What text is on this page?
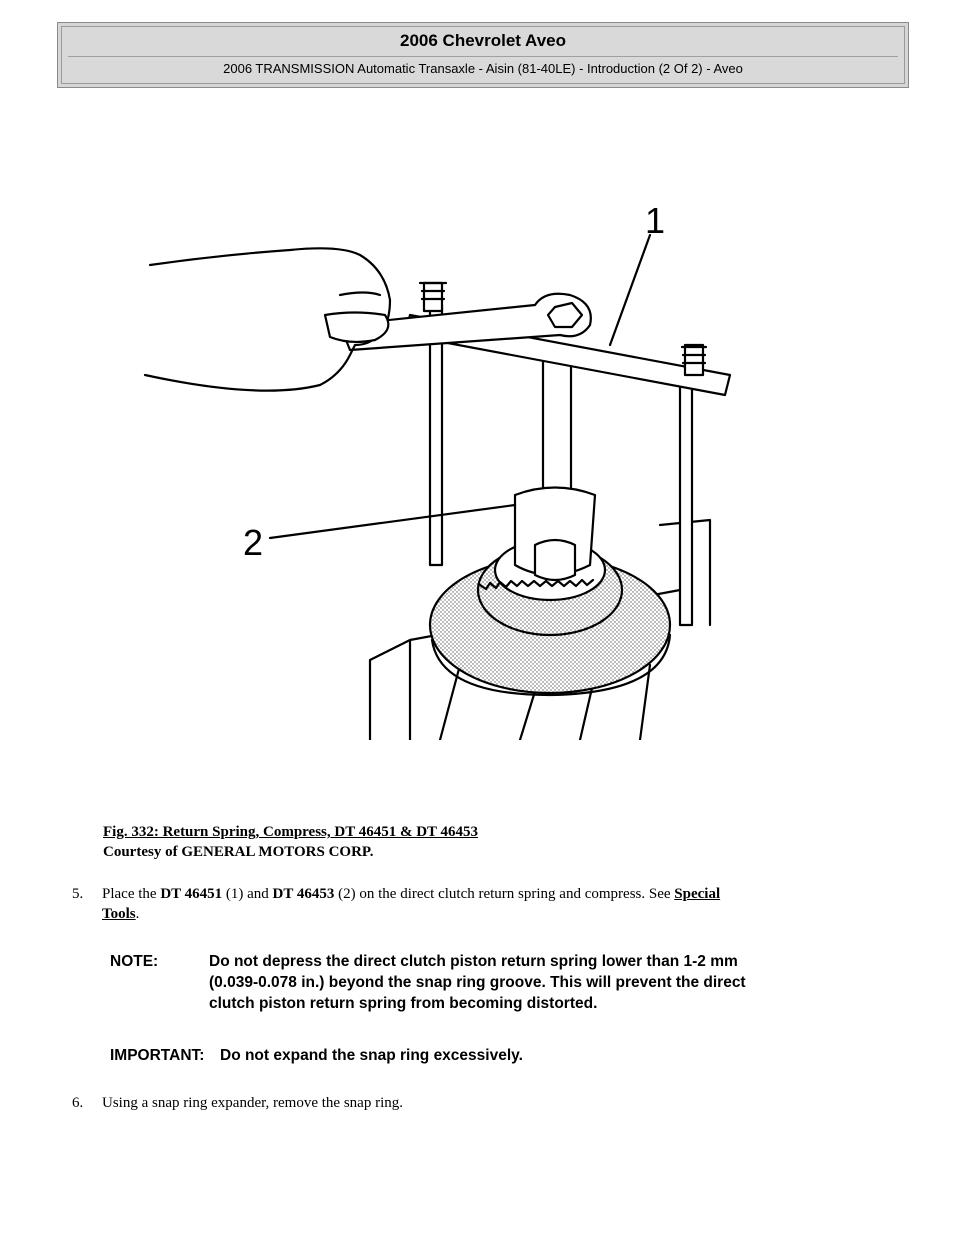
2006 Chevrolet Aveo
2006 TRANSMISSION Automatic Transaxle - Aisin (81-40LE) - Introduction (2 Of 2) - Aveo
1
2
Fig. 332: Return Spring, Compress, DT 46451 & DT 46453
Courtesy of GENERAL MOTORS CORP.
5. Place the DT 46451 (1) and DT 46453 (2) on the direct clutch return spring and compress. See Special
Tools.
NOTE:	Do not depress the direct clutch piston return spring lower than 1-2 mm
(0.039-0.078 in.) beyond the snap ring groove. This will prevent the direct
clutch piston return spring from becoming distorted.
IMPORTANT: Do not expand the snap ring excessively.
6. Using a snap ring expander, remove the snap ring.
